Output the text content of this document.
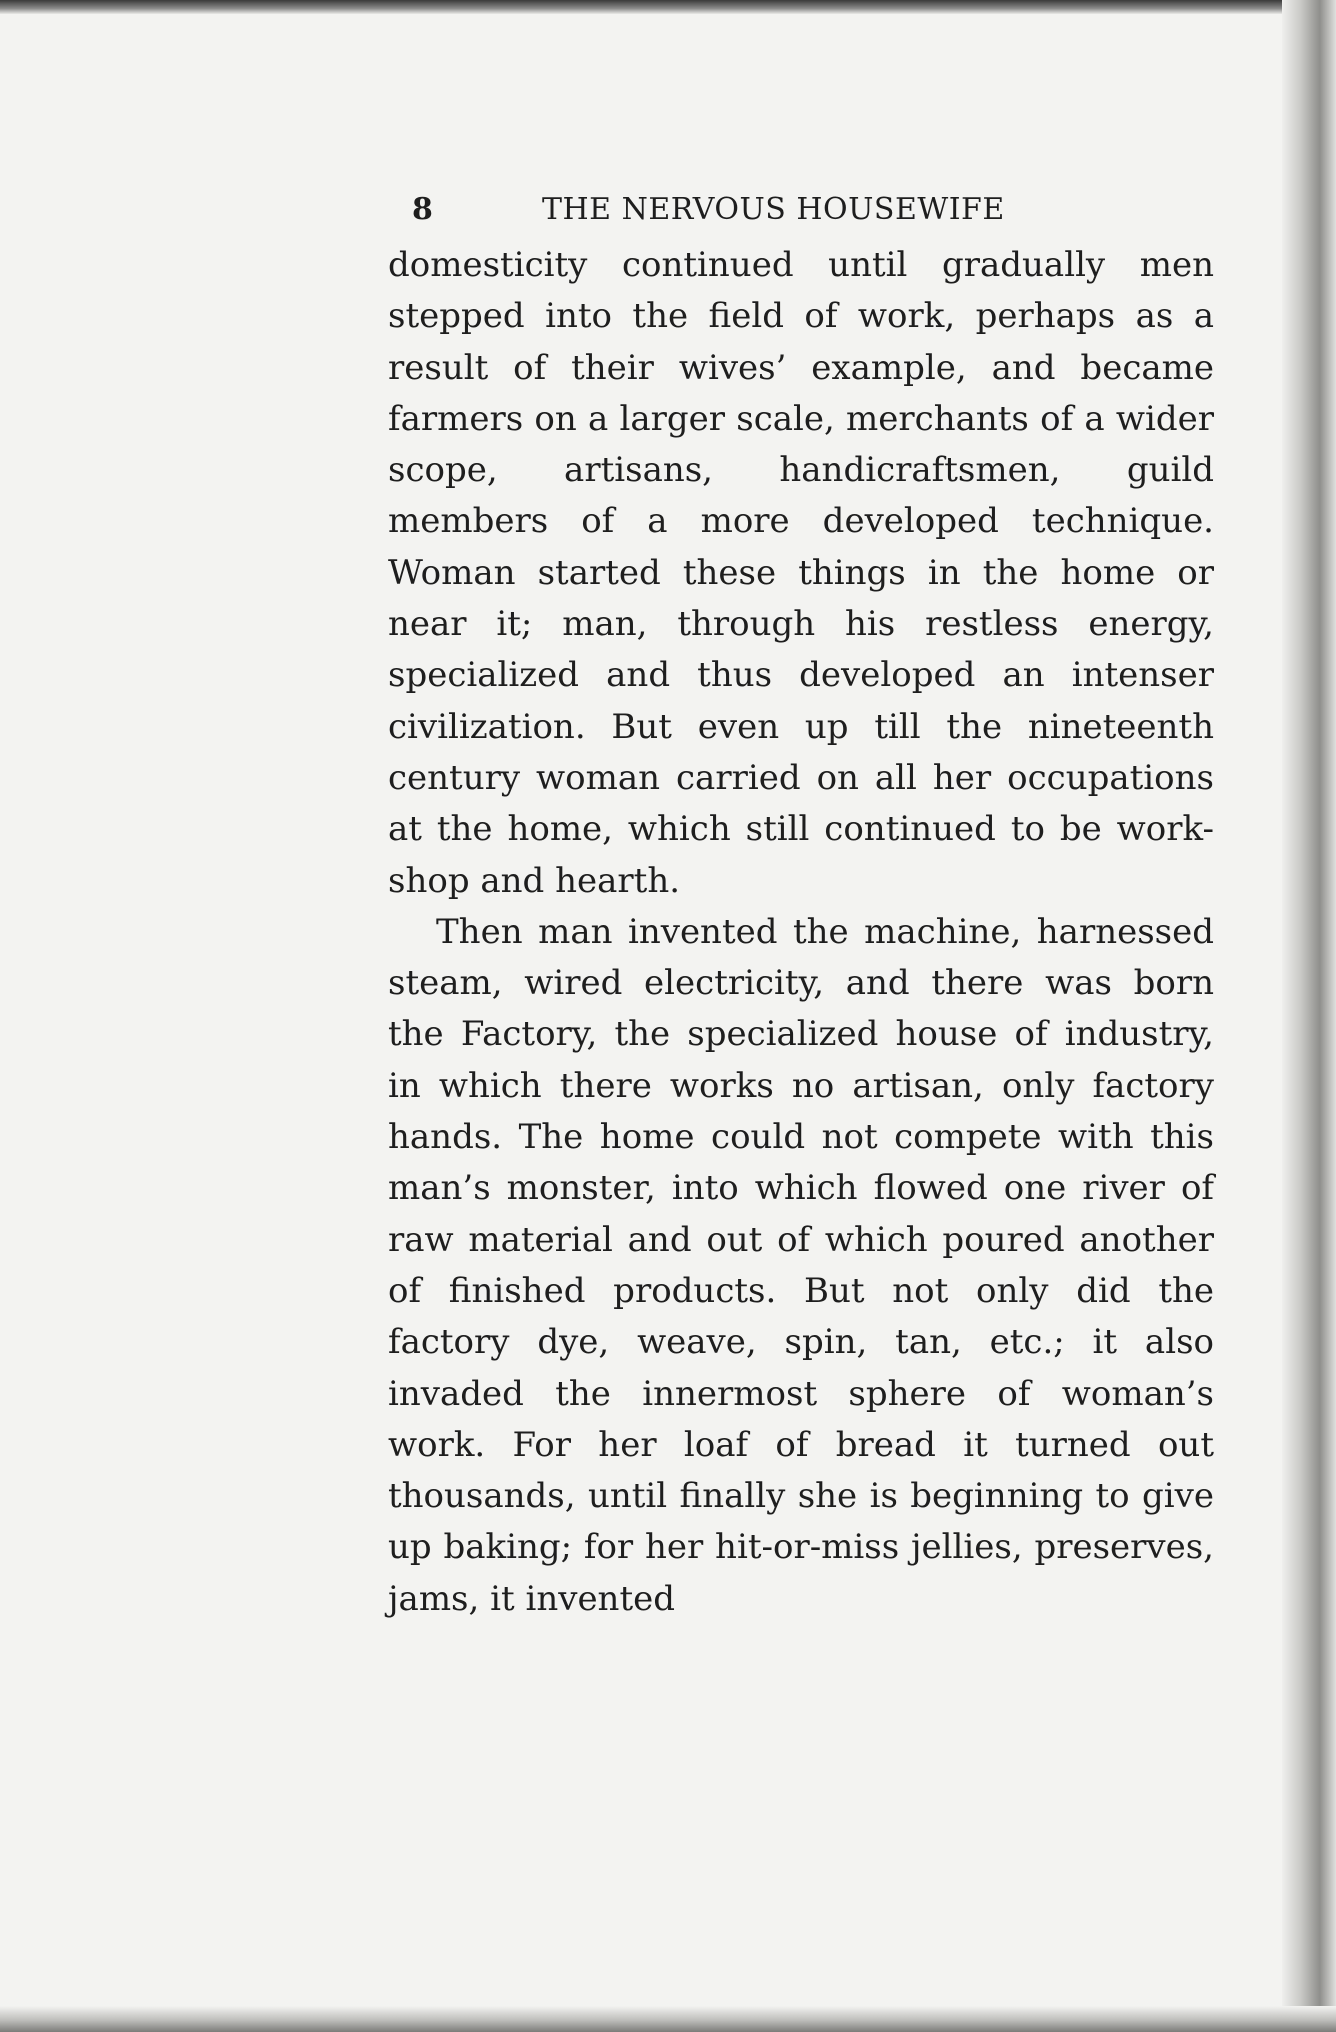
8	THE NERVOUS HOUSEWIFE

domesticity continued until gradually men stepped into the field of work, perhaps as a result of their wives’ example, and became farmers on a larger scale, merchants of a wider scope, artisans, handicraftsmen, guild members of a more developed technique. Woman started these things in the home or near it; man, through his restless energy, specialized and thus developed an intenser civilization. But even up till the nineteenth century woman carried on all her occupations at the home, which still continued to be work-shop and hearth.

Then man invented the machine, harnessed steam, wired electricity, and there was born the Factory, the specialized house of industry, in which there works no artisan, only factory hands. The home could not compete with this man’s monster, into which flowed one river of raw material and out of which poured another of finished products. But not only did the factory dye, weave, spin, tan, etc.; it also invaded the innermost sphere of woman’s work. For her loaf of bread it turned out thousands, until finally she is beginning to give up baking; for her hit-or-miss jellies, preserves, jams, it invented
